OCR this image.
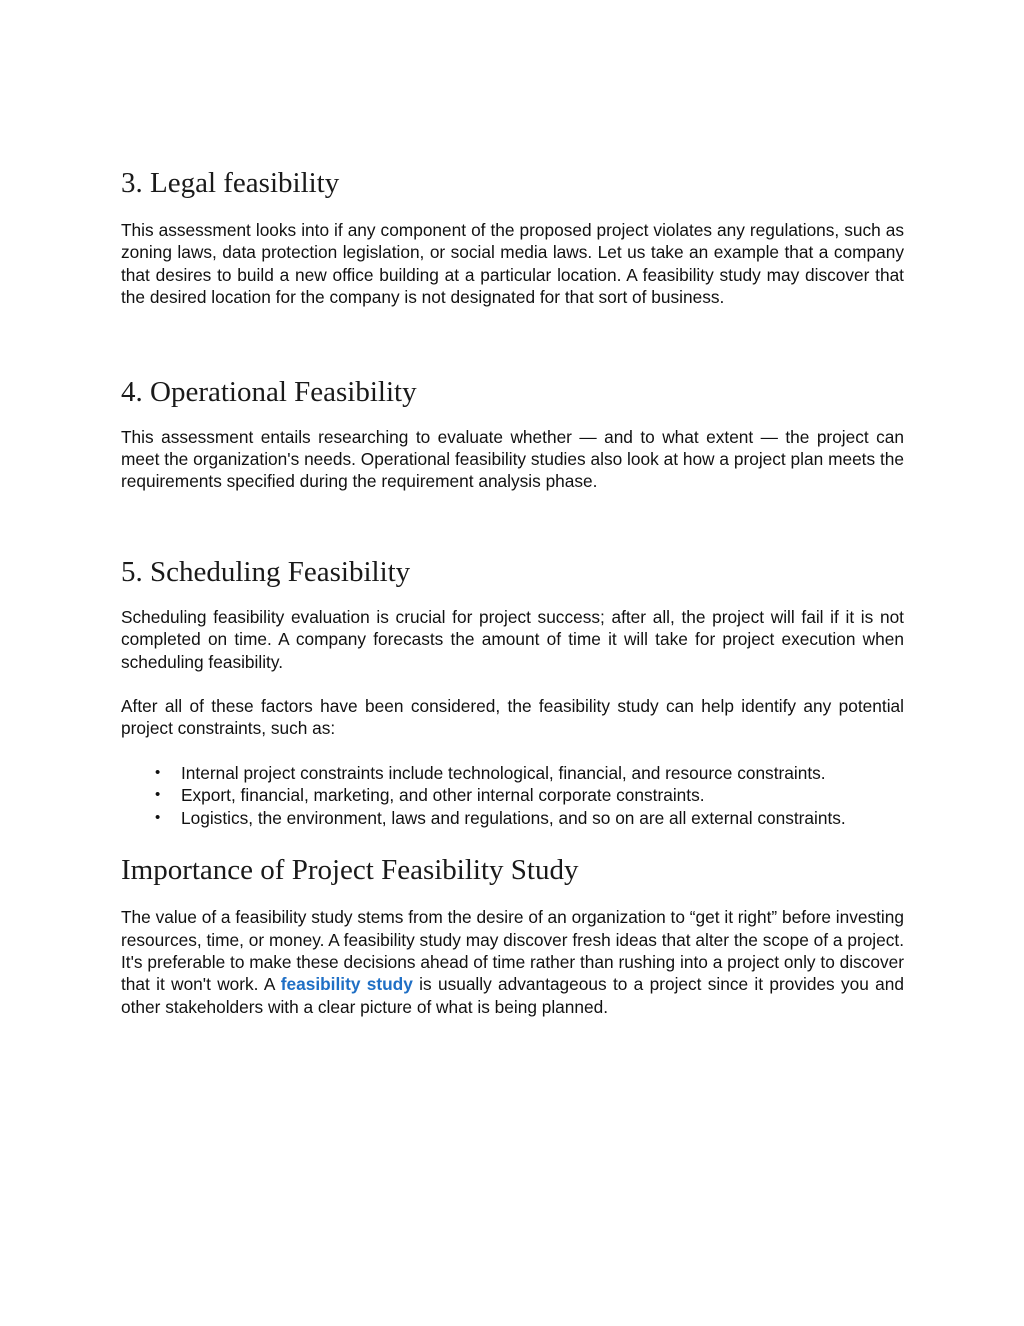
3. Legal feasibility

This assessment looks into if any component of the proposed project violates any regulations, such as zoning laws, data protection legislation, or social media laws. Let us take an example that a company that desires to build a new office building at a particular location. A feasibility study may discover that the desired location for the company is not designated for that sort of business.

4. Operational Feasibility

This assessment entails researching to evaluate whether — and to what extent — the project can meet the organization's needs. Operational feasibility studies also look at how a project plan meets the requirements specified during the requirement analysis phase.

5. Scheduling Feasibility

Scheduling feasibility evaluation is crucial for project success; after all, the project will fail if it is not completed on time. A company forecasts the amount of time it will take for project execution when scheduling feasibility.

After all of these factors have been considered, the feasibility study can help identify any potential project constraints, such as:

• Internal project constraints include technological, financial, and resource constraints.
• Export, financial, marketing, and other internal corporate constraints.
• Logistics, the environment, laws and regulations, and so on are all external constraints.
Importance of Project Feasibility Study

The value of a feasibility study stems from the desire of an organization to “get it right” before investing resources, time, or money. A feasibility study may discover fresh ideas that alter the scope of a project. It's preferable to make these decisions ahead of time rather than rushing into a project only to discover that it won't work. A feasibility study is usually advantageous to a project since it provides you and other stakeholders with a clear picture of what is being planned.
